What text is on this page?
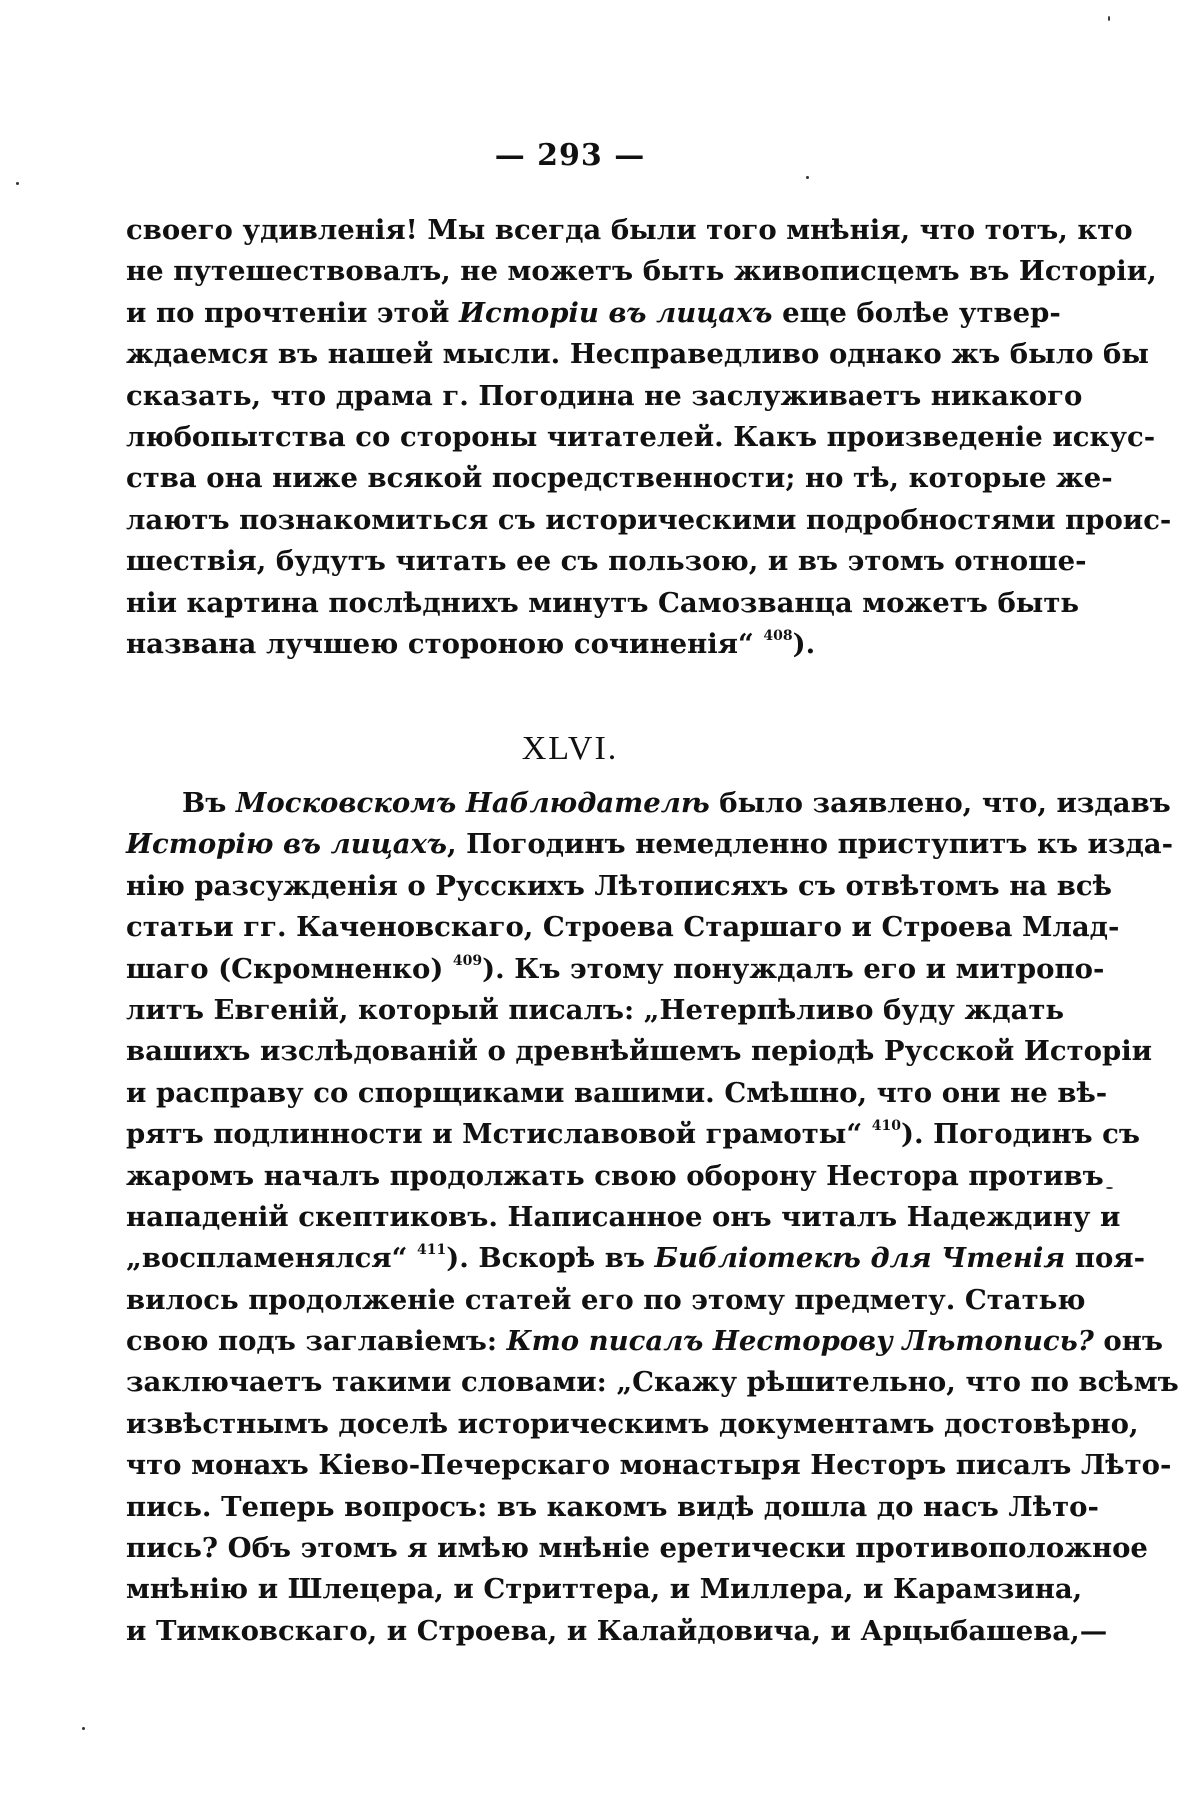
— 293 —
своего удивленія! Мы всегда были того мнѣнія, что тотъ, кто
не путешествовалъ, не можетъ быть живописцемъ въ Исторіи,
и по прочтеніи этой Исторіи въ лицахъ еще болѣе утвер-
ждаемся въ нашей мысли. Несправедливо однако жъ было бы
сказать, что драма г. Погодина не заслуживаетъ никакого
любопытства со стороны читателей. Какъ произведеніе искус-
ства она ниже всякой посредственности; но тѣ, которые же-
лаютъ познакомиться съ историческими подробностями проис-
шествія, будутъ читать ее съ пользою, и въ этомъ отноше-
ніи картина послѣднихъ минутъ Самозванца можетъ быть
названа лучшею стороною сочиненія“ $^{408}$).
XLVI.
Въ Московскомъ Наблюдателѣ было заявлено, что, издавъ
Исторію въ лицахъ, Погодинъ немедленно приступитъ къ изда-
нію разсужденія о Русскихъ Лѣтописяхъ съ отвѣтомъ на всѣ
статьи гг. Каченовскаго, Строева Старшаго и Строева Млад-
шаго (Скромненко) $^{409}$). Къ этому понуждалъ его и митропо-
литъ Евгеній, который писалъ: „Нетерпѣливо буду ждать
вашихъ изслѣдованій о древнѣйшемъ періодѣ Русской Исторіи
и расправу со спорщиками вашими. Смѣшно, что они не вѣ-
рятъ подлинности и Мстиславовой грамоты“ $^{410}$). Погодинъ съ
жаромъ началъ продолжать свою оборону Нестора противъ
нападеній скептиковъ. Написанное онъ читалъ Надеждину и
„воспламенялся“ $^{411}$). Вскорѣ въ Библіотекѣ для Чтенія поя-
вилось продолженіе статей его по этому предмету. Статью
свою подъ заглавіемъ: Кто писалъ Несторову Лѣтопись? онъ
заключаетъ такими словами: „Скажу рѣшительно, что по всѣмъ
извѣстнымъ доселѣ историческимъ документамъ достовѣрно,
что монахъ Кіево-Печерскаго монастыря Несторъ писалъ Лѣто-
пись. Теперь вопросъ: въ какомъ видѣ дошла до насъ Лѣто-
пись? Объ этомъ я имѣю мнѣніе еретически противоположное
мнѣнію и Шлецера, и Стриттера, и Миллера, и Карамзина,
и Тимковскаго, и Строева, и Калайдовича, и Арцыбашева,—
